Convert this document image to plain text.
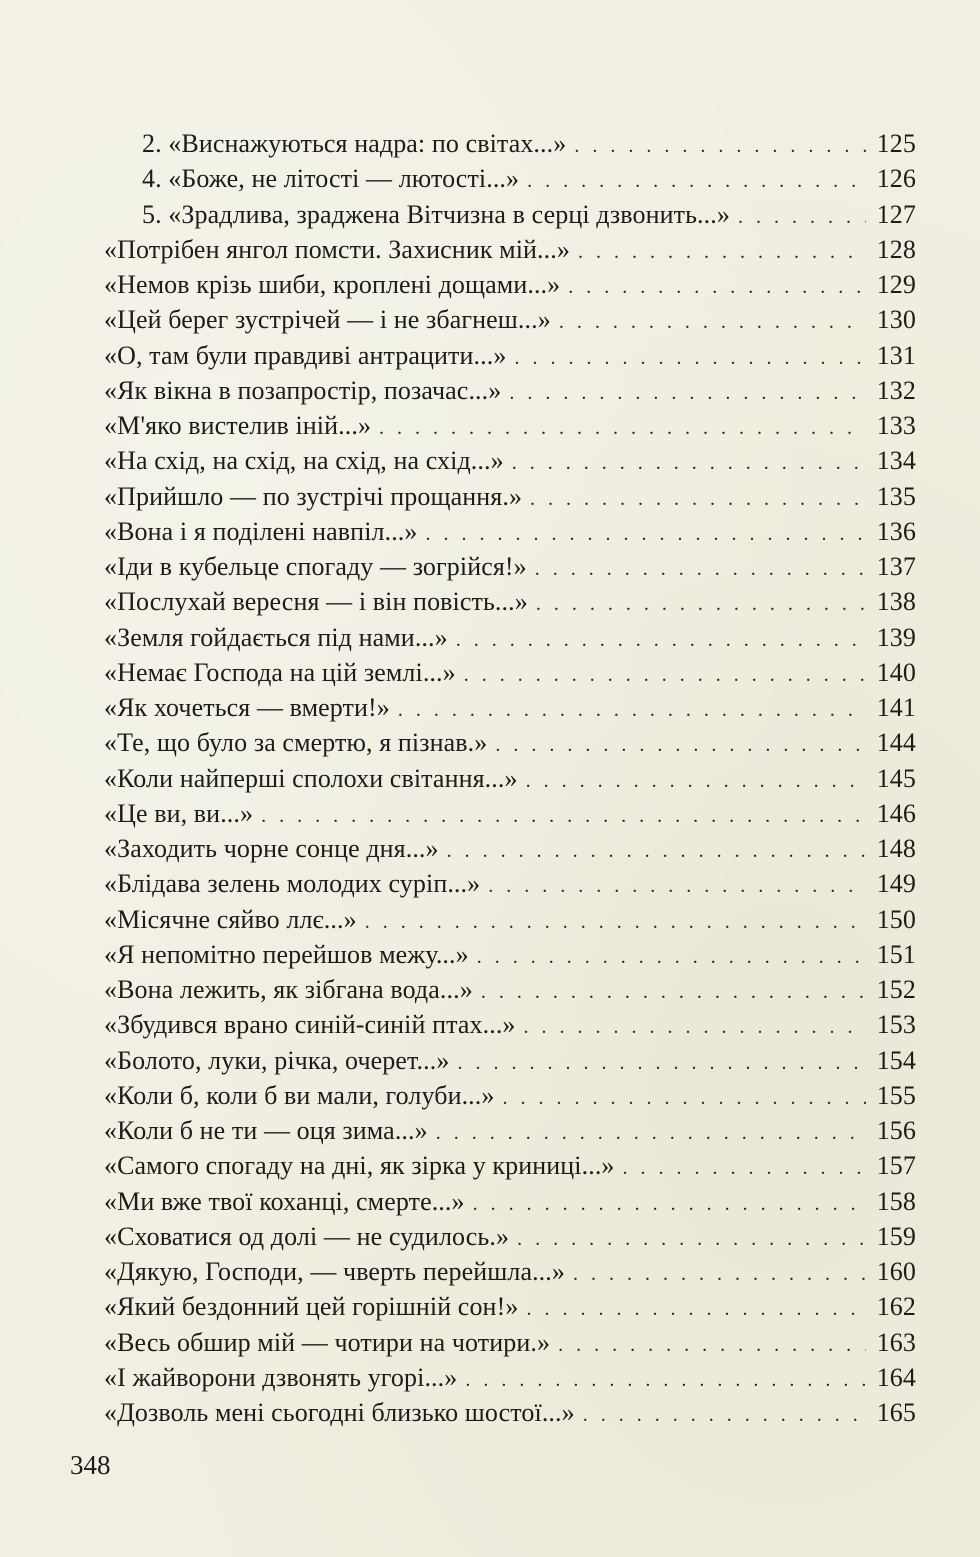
2. «Виснажуються надра: по світах...» . . .	125
4. «Боже, не літості — лютості...» . . .	126
5. «Зрадлива, зраджена Вітчизна в серці дзвонить...» . . .	127
«Потрібен янгол помсти. Захисник мій...» . . .	128
«Немов крізь шиби, кроплені дощами...» . . .	129
«Цей берег зустрічей — і не збагнеш...» . . .	130
«О, там були правдиві антрацити...» . . .	131
«Як вікна в позапростір, позачас...» . . .	132
«М'яко вистелив іній...» . . .	133
«На схід, на схід, на схід, на схід...» . . .	134
«Прийшло — по зустрічі прощання.» . . .	135
«Вона і я поділені навпіл...» . . .	136
«Іди в кубельце спогаду — зогрійся!» . . .	137
«Послухай вересня — і він повість...» . . .	138
«Земля гойдається під нами...» . . .	139
«Немає Господа на цій землі...» . . .	140
«Як хочеться — вмерти!» . . .	141
«Те, що було за смертю, я пізнав.» . . .	144
«Коли найперші сполохи світання...» . . .	145
«Це ви, ви...» . . .	146
«Заходить чорне сонце дня...» . . .	148
«Блідава зелень молодих суріп...» . . .	149
«Місячне сяйво ллє...» . . .	150
«Я непомітно перейшов межу...» . . .	151
«Вона лежить, як зібгана вода...» . . .	152
«Збудився врано синій-синій птах...» . . .	153
«Болото, луки, річка, очерет...» . . .	154
«Коли б, коли б ви мали, голуби...» . . .	155
«Коли б не ти — оця зима...» . . .	156
«Самого спогаду на дні, як зірка у криниці...» . . .	157
«Ми вже твої коханці, смерте...» . . .	158
«Сховатися од долі — не судилось.» . . .	159
«Дякую, Господи, — чверть перейшла...» . . .	160
«Який бездонний цей горішній сон!» . . .	162
«Весь обшир мій — чотири на чотири.» . . .	163
«І жайворони дзвонять угорі...» . . .	164
«Дозволь мені сьогодні близько шостої...» . . .	165
348
